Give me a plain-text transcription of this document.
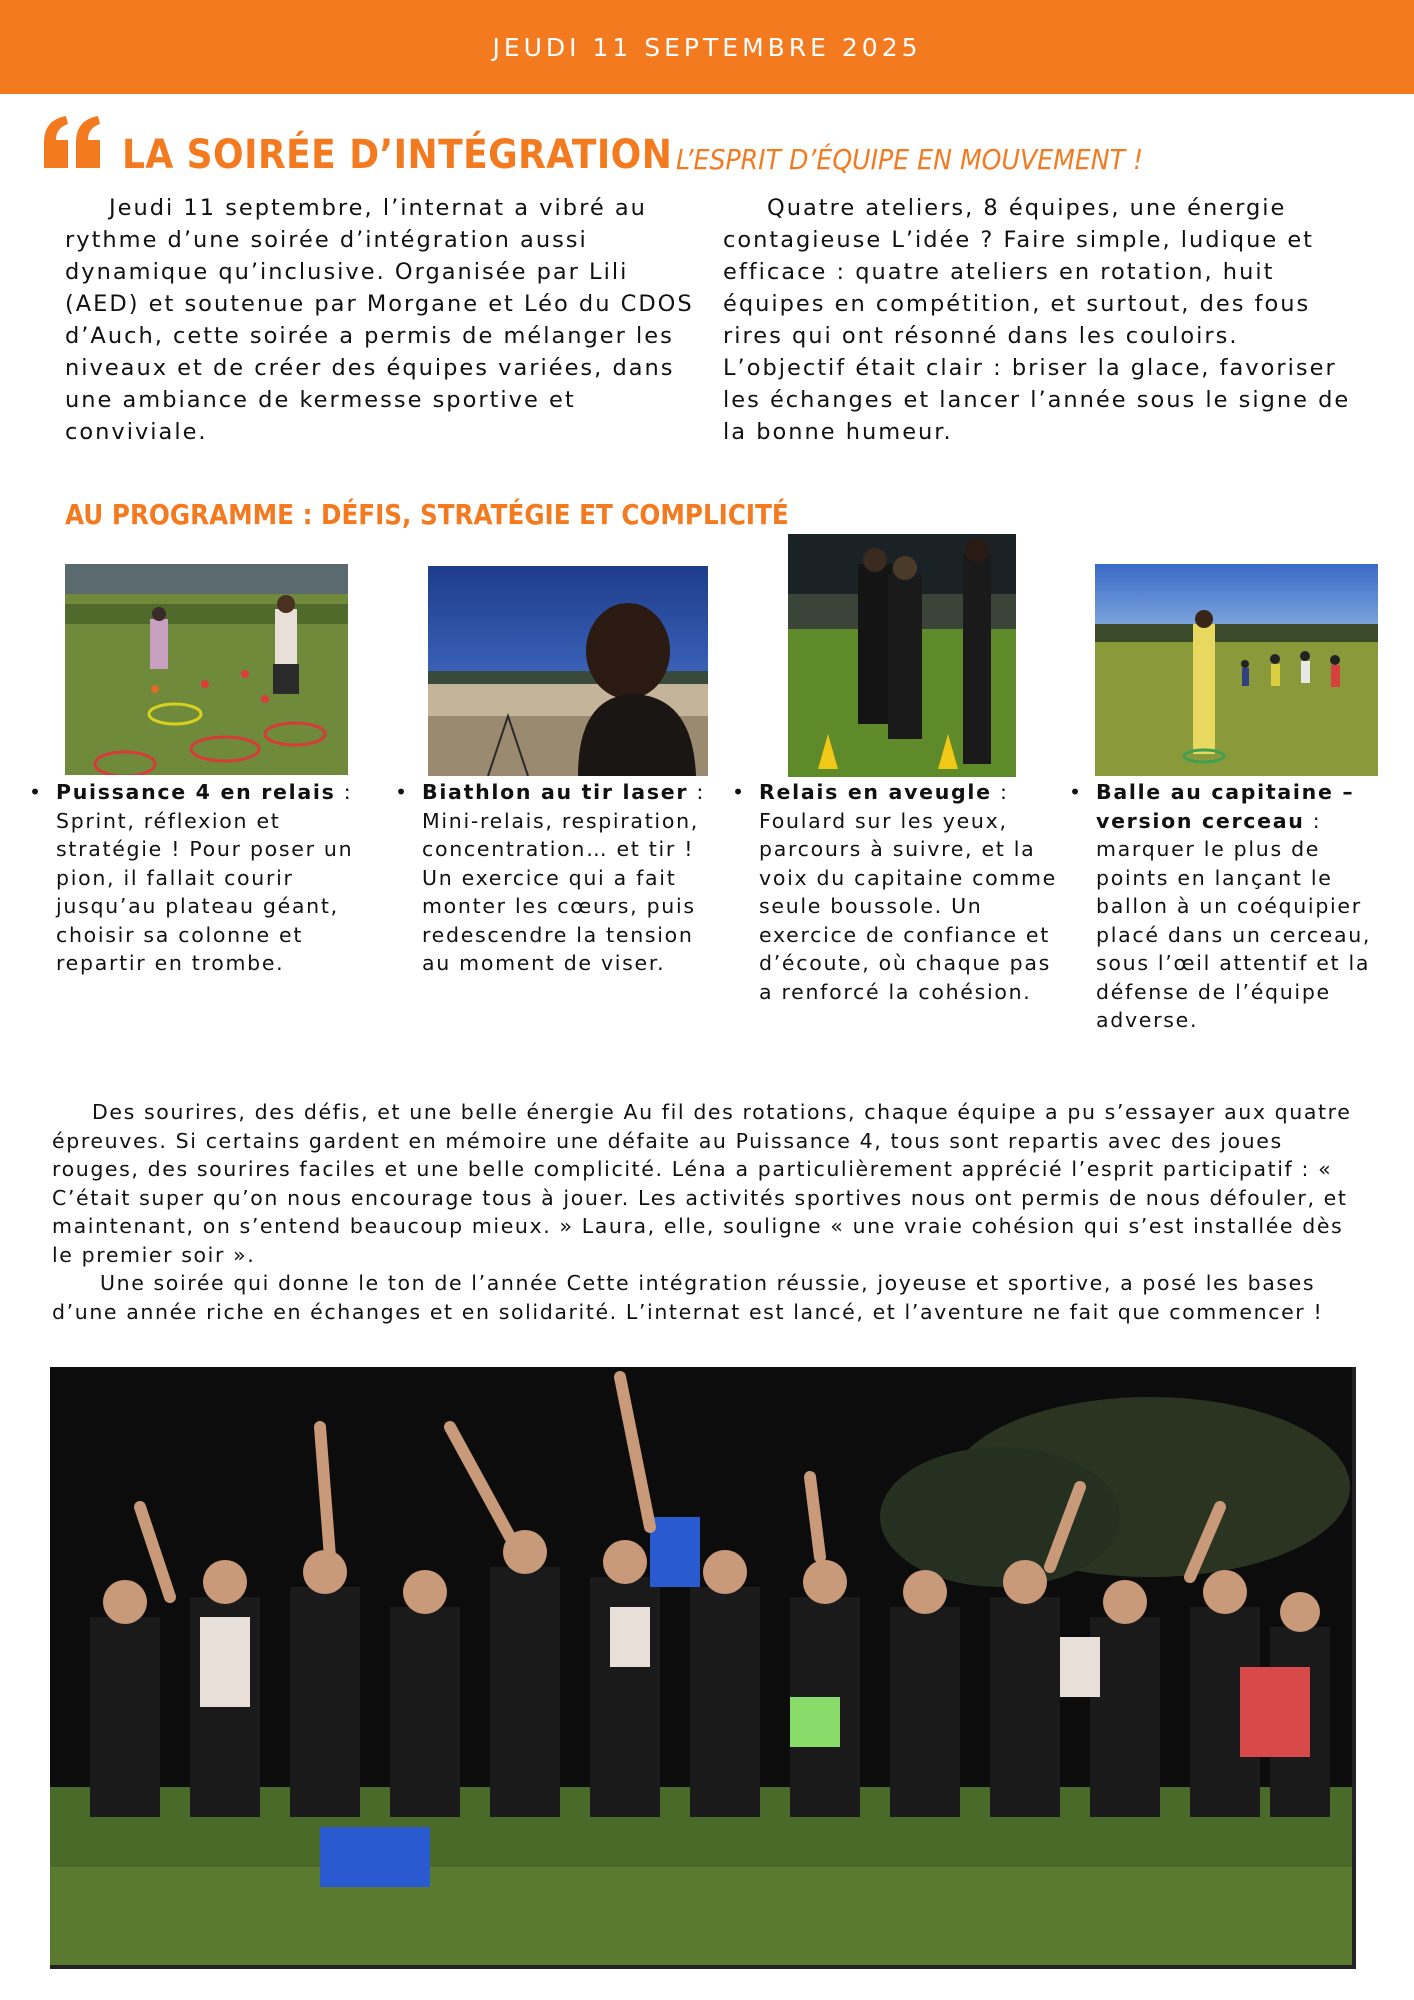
JEUDI 11 SEPTEMBRE 2025
LA SOIRÉE D’INTÉGRATION L’ESPRIT D’ÉQUIPE EN MOUVEMENT !

Jeudi 11 septembre, l’internat a vibré au rythme d’une soirée d’intégration aussi dynamique qu’inclusive. Organisée par Lili (AED) et soutenue par Morgane et Léo du CDOS d’Auch, cette soirée a permis de mélanger les niveaux et de créer des équipes variées, dans une ambiance de kermesse sportive et conviviale.

Quatre ateliers, 8 équipes, une énergie contagieuse L’idée ? Faire simple, ludique et efficace : quatre ateliers en rotation, huit équipes en compétition, et surtout, des fous rires qui ont résonné dans les couloirs. L’objectif était clair : briser la glace, favoriser les échanges et lancer l’année sous le signe de la bonne humeur.

AU PROGRAMME : DÉFIS, STRATÉGIE ET COMPLICITÉ
• Puissance 4 en relais : Sprint, réflexion et stratégie ! Pour poser un pion, il fallait courir jusqu’au plateau géant, choisir sa colonne et repartir en trombe.
• Biathlon au tir laser : Mini-relais, respiration, concentration… et tir ! Un exercice qui a fait monter les cœurs, puis redescendre la tension au moment de viser.
• Relais en aveugle : Foulard sur les yeux, parcours à suivre, et la voix du capitaine comme seule boussole. Un exercice de confiance et d’écoute, où chaque pas a renforcé la cohésion.
• Balle au capitaine – version cerceau : marquer le plus de points en lançant le ballon à un coéquipier placé dans un cerceau, sous l’œil attentif et la défense de l’équipe adverse.

Des sourires, des défis, et une belle énergie Au fil des rotations, chaque équipe a pu s’essayer aux quatre épreuves. Si certains gardent en mémoire une défaite au Puissance 4, tous sont repartis avec des joues rouges, des sourires faciles et une belle complicité. Léna a particulièrement apprécié l’esprit participatif : « C’était super qu’on nous encourage tous à jouer. Les activités sportives nous ont permis de nous défouler, et maintenant, on s’entend beaucoup mieux. » Laura, elle, souligne « une vraie cohésion qui s’est installée dès le premier soir ».

Une soirée qui donne le ton de l’année Cette intégration réussie, joyeuse et sportive, a posé les bases d’une année riche en échanges et en solidarité. L’internat est lancé, et l’aventure ne fait que commencer !
